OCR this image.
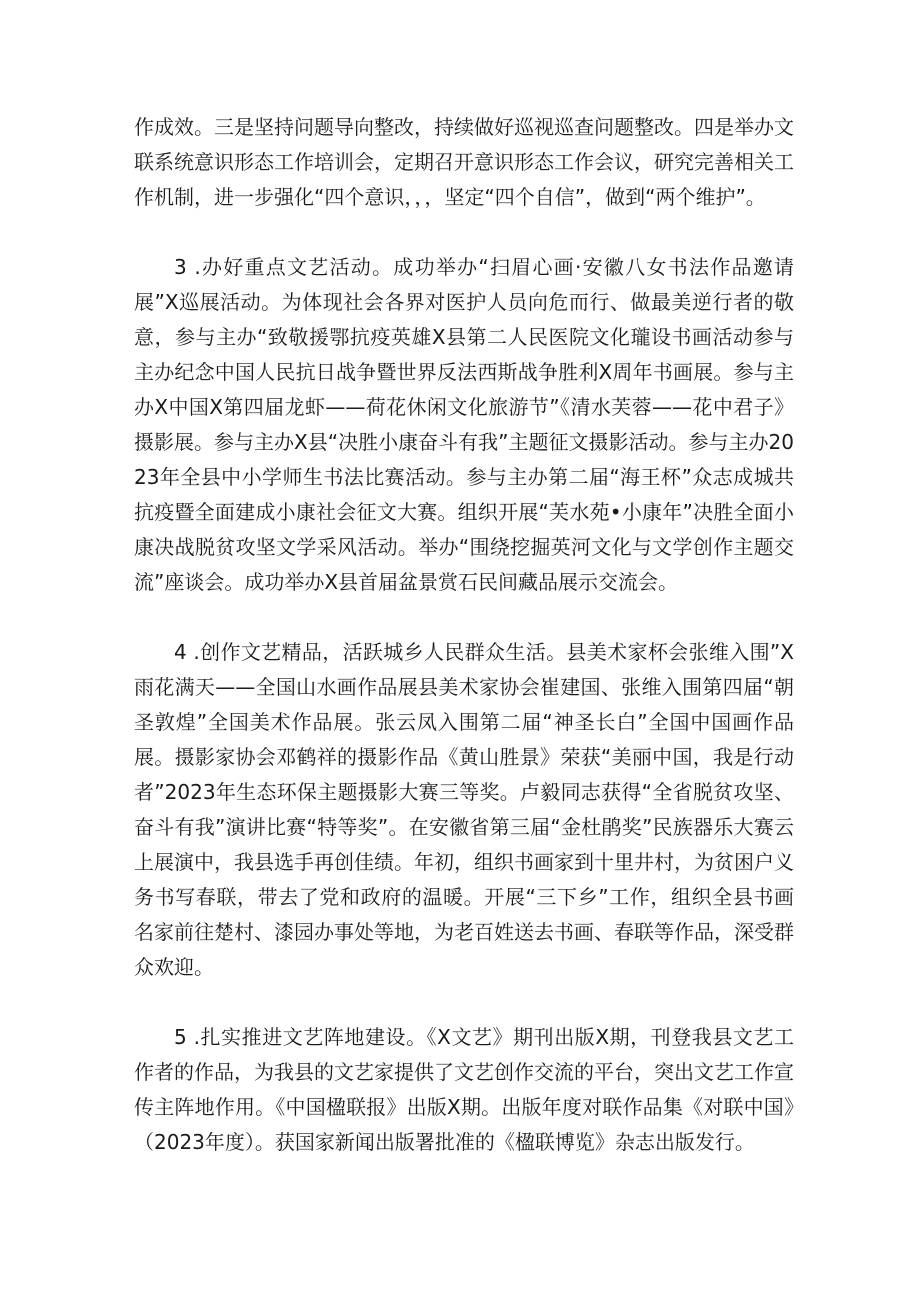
作成效。三是坚持问题导向整改，持续做好巡视巡查问题整改。四是举办文联系统意识形态工作培训会，定期召开意识形态工作会议，研究完善相关工作机制，进一步强化“四个意识，，，坚定“四个自信”，做到“两个维护”。

3 .办好重点文艺活动。成功举办“扫眉心画·安徽八女书法作品邀请展”X巡展活动。为体现社会各界对医护人员向危而行、做最美逆行者的敬意，参与主办“致敬援鄂抗疫英雄X县第二人民医院文化瓏设书画活动参与主办纪念中国人民抗日战争暨世界反法西斯战争胜利X周年书画展。参与主办X中国X第四届龙虾——荷花休闲文化旅游节”《清水芙蓉——花中君子》摄影展。参与主办X县“决胜小康奋斗有我”主题征文摄影活动。参与主办2023年全县中小学师生书法比赛活动。参与主办第二届“海王杯”众志成城共抗疫暨全面建成小康社会征文大赛。组织开展“芙水苑•小康年”决胜全面小康决战脱贫攻坚文学采风活动。举办“围绕挖掘英河文化与文学创作主题交流”座谈会。成功举办X县首届盆景赏石民间藏品展示交流会。

4 .创作文艺精品，活跃城乡人民群众生活。县美术家杯会张维入围”X雨花满天——全国山水画作品展县美术家协会崔建国、张维入围第四届“朝圣敦煌”全国美术作品展。张云凤入围第二届“神圣长白”全国中国画作品展。摄影家协会邓鹤祥的摄影作品《黄山胜景》荣获“美丽中国，我是行动者”2023年生态环保主题摄影大赛三等奖。卢毅同志获得“全省脱贫攻坚、奋斗有我”演讲比赛“特等奖”。在安徽省第三届“金杜鹃奖”民族器乐大赛云上展演中，我县选手再创佳绩。年初，组织书画家到十里井村，为贫困户义务书写春联，带去了党和政府的温暖。开展“三下乡”工作，组织全县书画名家前往楚村、漆园办事处等地，为老百姓送去书画、春联等作品，深受群众欢迎。

5 .扎实推进文艺阵地建设。《X文艺》期刊出版X期，刊登我县文艺工作者的作品，为我县的文艺家提供了文艺创作交流的平台，突出文艺工作宣传主阵地作用。《中国楹联报》出版X期。出版年度对联作品集《对联中国》（2023年度）。获国家新闻出版署批准的《楹联博览》杂志出版发行。
